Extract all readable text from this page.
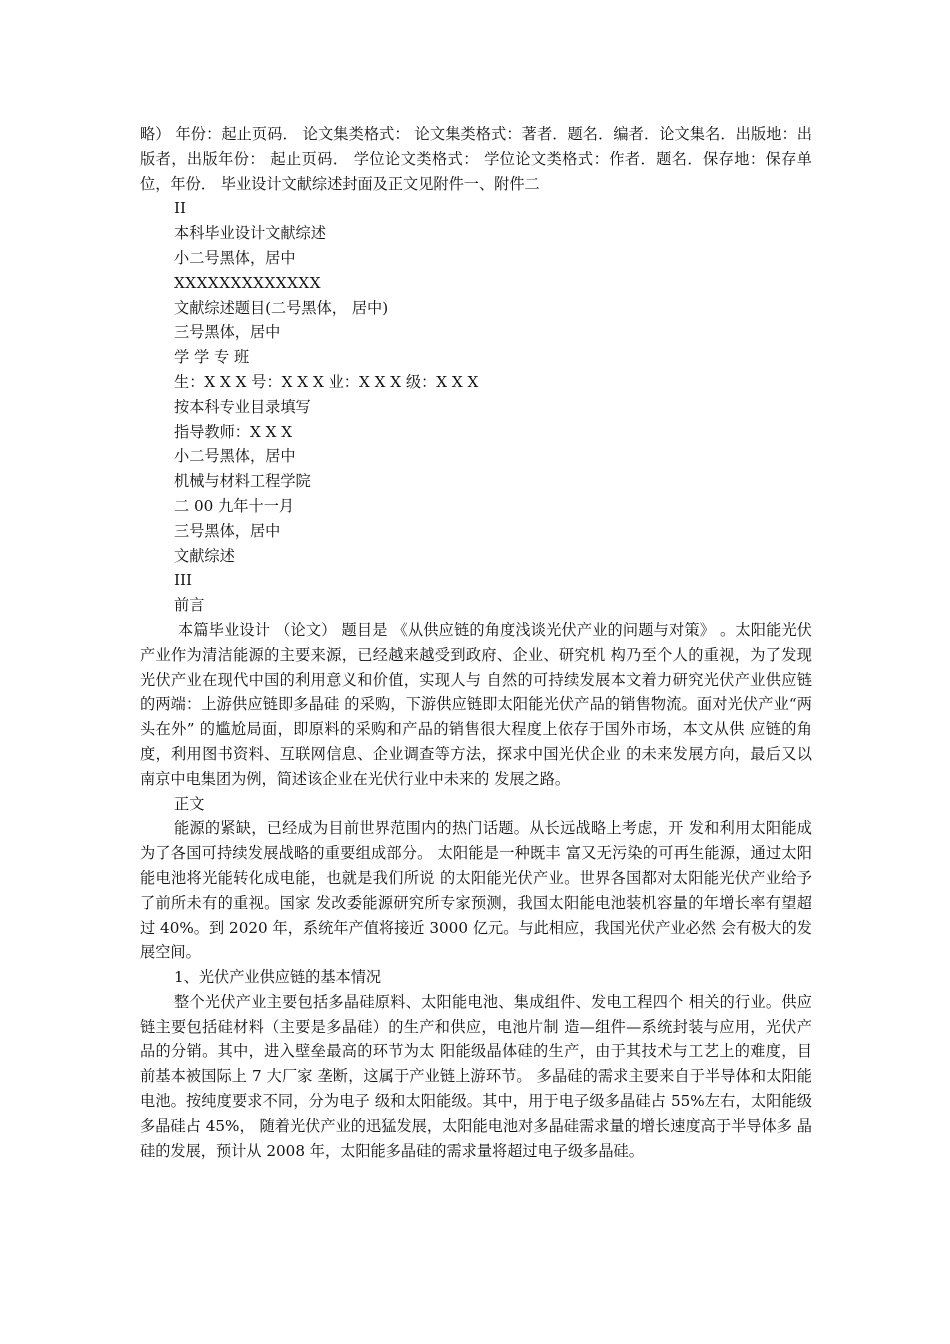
略） 年份：起止页码． 论文集类格式： 论文集类格式：著者．题名．编者．论文集名．出版地：出版者，出版年份： 起止页码． 学位论文类格式： 学位论文类格式：作者．题名．保存地：保存单位，年份． 毕业设计文献综述封面及正文见附件一、附件二

II

本科毕业设计文献综述

小二号黑体，居中

XXXXXXXXXXXXX

文献综述题目(二号黑体， 居中)

三号黑体，居中

学 学 专 班

生：X X X 号：X X X 业：X X X 级：X X X

按本科专业目录填写

指导教师：X X X

小二号黑体，居中

机械与材料工程学院

二 00 九年十一月

三号黑体，居中

文献综述

III

前言

本篇毕业设计 （论文） 题目是 《从供应链的角度浅谈光伏产业的问题与对策》 。太阳能光伏产业作为清洁能源的主要来源，已经越来越受到政府、企业、研究机 构乃至个人的重视，为了发现光伏产业在现代中国的利用意义和价值，实现人与 自然的可持续发展本文着力研究光伏产业供应链的两端：上游供应链即多晶硅 的采购，下游供应链即太阳能光伏产品的销售物流。面对光伏产业“两头在外” 的尴尬局面，即原料的采购和产品的销售很大程度上依存于国外市场，本文从供 应链的角度，利用图书资料、互联网信息、企业调查等方法，探求中国光伏企业 的未来发展方向，最后又以南京中电集团为例，简述该企业在光伏行业中未来的 发展之路。

正文

能源的紧缺，已经成为目前世界范围内的热门话题。从长远战略上考虑，开 发和利用太阳能成为了各国可持续发展战略的重要组成部分。 太阳能是一种既丰 富又无污染的可再生能源，通过太阳能电池将光能转化成电能，也就是我们所说 的太阳能光伏产业。世界各国都对太阳能光伏产业给予了前所未有的重视。国家 发改委能源研究所专家预测，我国太阳能电池装机容量的年增长率有望超过 40%。到 2020 年，系统年产值将接近 3000 亿元。与此相应，我国光伏产业必然 会有极大的发展空间。

1、光伏产业供应链的基本情况

整个光伏产业主要包括多晶硅原料、太阳能电池、集成组件、发电工程四个 相关的行业。供应链主要包括硅材料（主要是多晶硅）的生产和供应，电池片制 造—组件—系统封装与应用，光伏产品的分销。其中，进入壁垒最高的环节为太 阳能级晶体硅的生产，由于其技术与工艺上的难度，目前基本被国际上 7 大厂家 垄断，这属于产业链上游环节。 多晶硅的需求主要来自于半导体和太阳能电池。按纯度要求不同，分为电子 级和太阳能级。其中，用于电子级多晶硅占 55%左右，太阳能级多晶硅占 45%， 随着光伏产业的迅猛发展，太阳能电池对多晶硅需求量的增长速度高于半导体多 晶硅的发展，预计从 2008 年，太阳能多晶硅的需求量将超过电子级多晶硅。
